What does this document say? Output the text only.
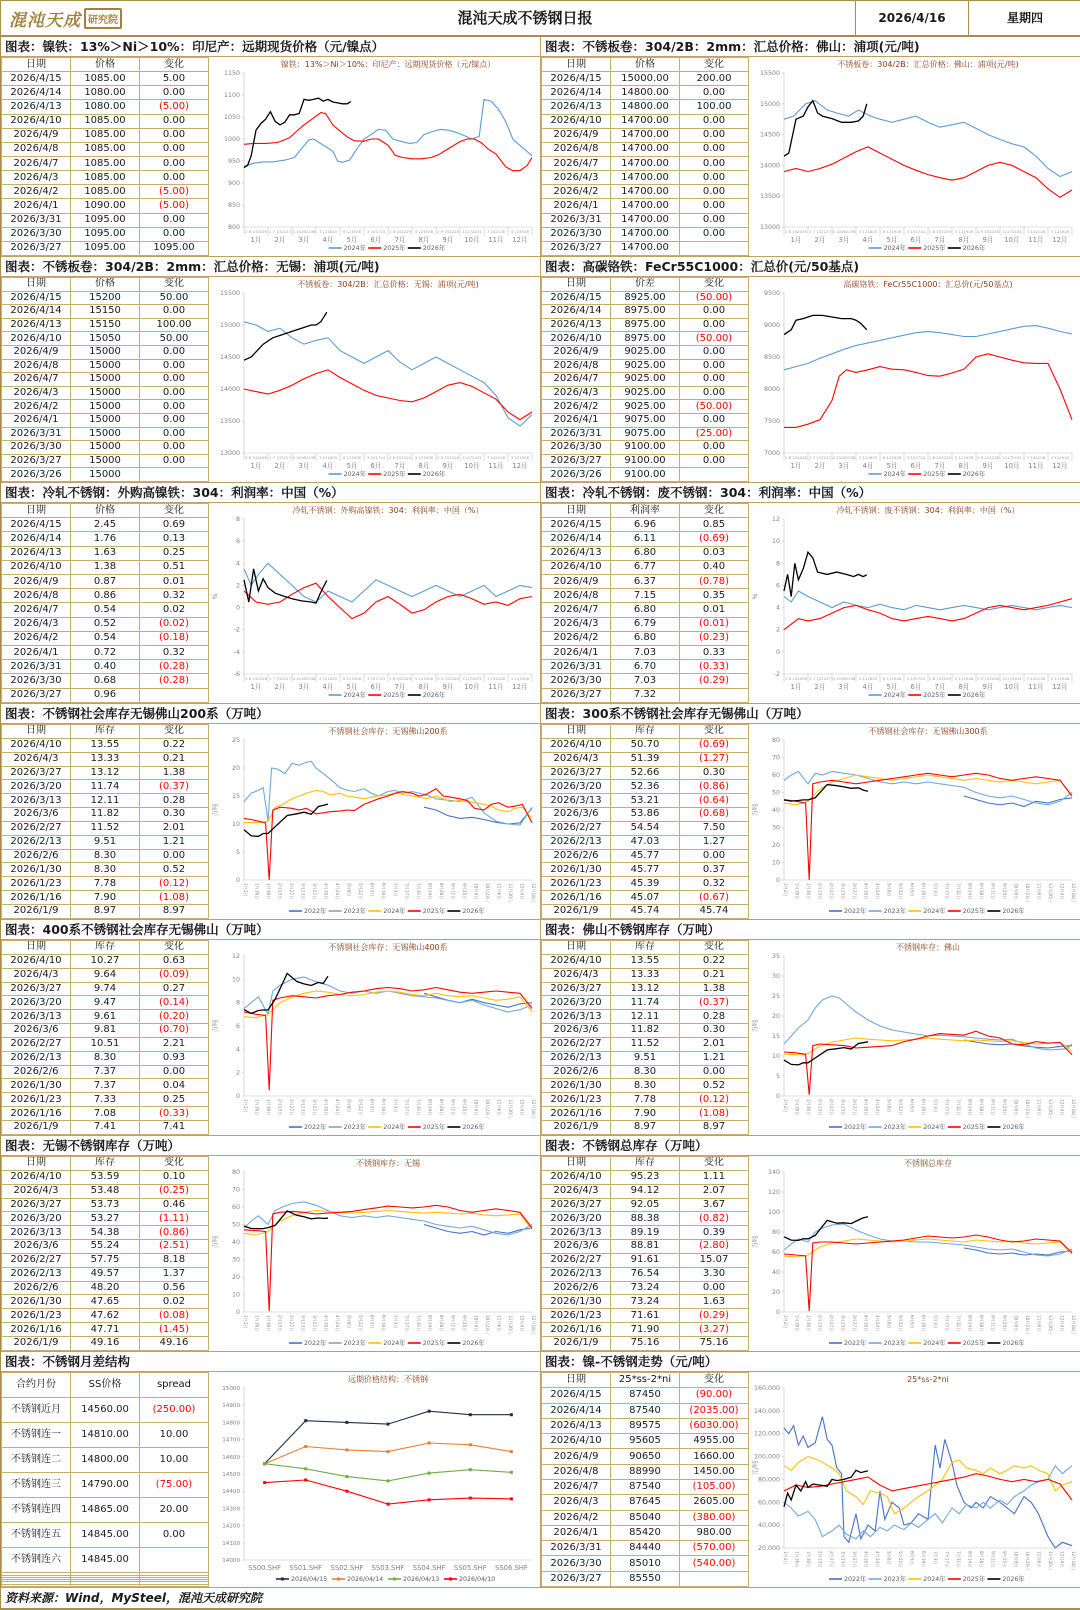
混沌天成 研究院	混沌天成不锈钢日报	2026/4/16	星期四
图表：镍铁：13%＞Ni＞10%：印尼产：远期现货价格（元/镍点）
日期	价格	变化
2026/4/15	1085.00	5.00
2026/4/14	1080.00	0.00
2026/4/13	1080.00	(5.00)
2026/4/10	1085.00	0.00
2026/4/9	1085.00	0.00
2026/4/8	1085.00	0.00
2026/4/7	1085.00	0.00
2026/4/3	1085.00	0.00
2026/4/2	1085.00	(5.00)
2026/4/1	1090.00	(5.00)
2026/3/31	1095.00	0.00
2026/3/30	1095.00	0.00
2026/3/27	1095.00	1095.00
镍铁：13%＞Ni＞10%：印尼产：远期现货价格（元/镍点）
1150
1100
1050
1000
950
900
850
800
2 8 142026
1月
1 7 132127
2月
4 10162238
3月
3 121825
4月
6 121926
5月
3 101724
6月
1 8 152229
7月
5 121926
8月
2 9 152228
9月
11172431
10月
7 142128
11月
5 121926
12月
2024年	2025年	2026年
图表：不锈板卷：304/2B：2mm：汇总价格：佛山：浦项(元/吨)
日期	价格	变化
2026/4/15	15000.00	200.00
2026/4/14	14800.00	0.00
2026/4/13	14800.00	100.00
2026/4/10	14700.00	0.00
2026/4/9	14700.00	0.00
2026/4/8	14700.00	0.00
2026/4/7	14700.00	0.00
2026/4/3	14700.00	0.00
2026/4/2	14700.00	0.00
2026/4/1	14700.00	0.00
2026/3/31	14700.00	0.00
2026/3/30	14700.00	0.00
2026/3/27	14700.00	
不锈板卷：304/2B：汇总价格：佛山：浦项(元/吨)
15500
15000
14500
14000
13500
13000
2 8 142026
1月
1 7 132127
2月
4 10162238
3月
3 121825
4月
6 121926
5月
3 101724
6月
1 8 152229
7月
5 121926
8月
2 9 152228
9月
11172431
10月
7 142128
11月
5 121926
12月
2024年	2025年	2026年
图表：不锈板卷：304/2B：2mm：汇总价格：无锡：浦项(元/吨)
日期	价格	变化
2026/4/15	15200	50.00
2026/4/14	15150	0.00
2026/4/13	15150	100.00
2026/4/10	15050	50.00
2026/4/9	15000	0.00
2026/4/8	15000	0.00
2026/4/7	15000	0.00
2026/4/3	15000	0.00
2026/4/2	15000	0.00
2026/4/1	15000	0.00
2026/3/31	15000	0.00
2026/3/30	15000	0.00
2026/3/27	15000	0.00
2026/3/26	15000	
不锈板卷：304/2B：汇总价格：无锡：浦项(元/吨)
15500
15000
14500
14000
13500
13000
2 8 142026
1月
1 7 132127
2月
4 10162238
3月
3 121825
4月
6 121926
5月
3 101724
6月
1 8 152229
7月
5 121926
8月
2 9 152228
9月
11172431
10月
7 142128
11月
5 121926
12月
2024年	2025年	2026年
图表：高碳铬铁：FeCr55C1000：汇总价(元/50基点)
日期	价差	变化
2026/4/15	8925.00	(50.00)
2026/4/14	8975.00	0.00
2026/4/13	8975.00	0.00
2026/4/10	8975.00	(50.00)
2026/4/9	9025.00	0.00
2026/4/8	9025.00	0.00
2026/4/7	9025.00	0.00
2026/4/3	9025.00	0.00
2026/4/2	9025.00	(50.00)
2026/4/1	9075.00	0.00
2026/3/31	9075.00	(25.00)
2026/3/30	9100.00	0.00
2026/3/27	9100.00	0.00
2026/3/26	9100.00	
高碳铬铁：FeCr55C1000：汇总价(元/50基点)
9500
9000
8500
8000
7500
7000
2 8 142026
1月
1 7 132127
2月
4 10162238
3月
3 121825
4月
6 121926
5月
3 101724
6月
1 8 152229
7月
5 121926
8月
2 9 152228
9月
11172431
10月
7 142128
11月
5 121926
12月
2024年	2025年	2026年
图表：冷轧不锈钢：外购高镍铁：304：利润率：中国（%）
日期	价格	变化
2026/4/15	2.45	0.69
2026/4/14	1.76	0.13
2026/4/13	1.63	0.25
2026/4/10	1.38	0.51
2026/4/9	0.87	0.01
2026/4/8	0.86	0.32
2026/4/7	0.54	0.02
2026/4/3	0.52	(0.02)
2026/4/2	0.54	(0.18)
2026/4/1	0.72	0.32
2026/3/31	0.40	(0.28)
2026/3/30	0.68	(0.28)
2026/3/27	0.96	
冷轧不锈钢：外购高镍铁：304：利润率：中国（%）
8
6
4
2
0
-2
-4
-6
%
2 8 142026
1月
1 7 132127
2月
4 10162238
3月
3 121825
4月
6 121926
5月
3 101724
6月
1 8 152229
7月
5 121926
8月
2 9 152228
9月
11172431
10月
7 142128
11月
5 121926
12月
2024年	2025年	2026年
图表：冷轧不锈钢：废不锈钢：304：利润率：中国（%）
日期	利润率	变化
2026/4/15	6.96	0.85
2026/4/14	6.11	(0.69)
2026/4/13	6.80	0.03
2026/4/10	6.77	0.40
2026/4/9	6.37	(0.78)
2026/4/8	7.15	0.35
2026/4/7	6.80	0.01
2026/4/3	6.79	(0.01)
2026/4/2	6.80	(0.23)
2026/4/1	7.03	0.33
2026/3/31	6.70	(0.33)
2026/3/30	7.03	(0.29)
2026/3/27	7.32	
冷轧不锈钢：废不锈钢：304：利润率：中国（%）
12
10
8
6
4
2
0
-2
%
2 8 142026
1月
1 7 132127
2月
4 10162238
3月
3 121825
4月
6 121926
5月
3 101724
6月
1 8 152229
7月
5 121926
8月
2 9 152228
9月
11172431
10月
7 142128
11月
5 121926
12月
2024年	2025年	2026年
图表：不锈钢社会库存无锡佛山200系（万吨）
日期	库存	变化
2026/4/10	13.55	0.22
2026/4/3	13.33	0.21
2026/3/27	13.12	1.38
2026/3/20	11.74	(0.37)
2026/3/13	12.11	0.28
2026/3/6	11.82	0.30
2026/2/27	11.52	2.01
2026/2/13	9.51	1.21
2026/2/6	8.30	0.00
2026/1/30	8.30	0.52
2026/1/23	7.78	(0.12)
2026/1/16	7.90	(1.08)
2026/1/9	8.97	8.97
不锈钢社会库存：无锡佛山200系
25
20
15
10
5
0
万吨
1月2日 1月16日 1月30日 2月13日 2月27日 3月13日 3月27日 4月10日 4月24日 5月8日 5月22日 6月5日 6月19日 7月3日 7月17日 7月31日 8月14日 8月28日 9月11日 9月25日 10月9日 10月23日 11月6日 11月20日 12月4日 12月18日
2022年	2023年	2024年	2025年	2026年
图表：300系不锈钢社会库存无锡佛山（万吨）
日期	库存	变化
2026/4/10	50.70	(0.69)
2026/4/3	51.39	(1.27)
2026/3/27	52.66	0.30
2026/3/20	52.36	(0.86)
2026/3/13	53.21	(0.64)
2026/3/6	53.86	(0.68)
2026/2/27	54.54	7.50
2026/2/13	47.03	1.27
2026/2/6	45.77	0.00
2026/1/30	45.77	0.37
2026/1/23	45.39	0.32
2026/1/16	45.07	(0.67)
2026/1/9	45.74	45.74
不锈钢社会库存：无锡佛山300系
80
70
60
50
40
30
20
10
0
万吨
1月2日 1月16日 1月30日 2月13日 2月27日 3月13日 3月27日 4月10日 4月24日 5月8日 5月22日 6月5日 6月19日 7月3日 7月17日 7月31日 8月14日 8月28日 9月11日 9月25日 10月9日 10月23日 11月6日 11月20日 12月4日 12月18日
2022年	2023年	2024年	2025年	2026年
图表：400系不锈钢社会库存无锡佛山（万吨）
日期	库存	变化
2026/4/10	10.27	0.63
2026/4/3	9.64	(0.09)
2026/3/27	9.74	0.27
2026/3/20	9.47	(0.14)
2026/3/13	9.61	(0.20)
2026/3/6	9.81	(0.70)
2026/2/27	10.51	2.21
2026/2/13	8.30	0.93
2026/2/6	7.37	0.00
2026/1/30	7.37	0.04
2026/1/23	7.33	0.25
2026/1/16	7.08	(0.33)
2026/1/9	7.41	7.41
不锈钢社会库存：无锡佛山400系
12
10
8
6
4
2
0
万吨
1月2日 1月16日 1月30日 2月13日 2月27日 3月13日 3月27日 4月10日 4月24日 5月8日 5月22日 6月5日 6月19日 7月3日 7月17日 7月31日 8月14日 8月28日 9月11日 9月25日 10月9日 10月23日 11月6日 11月20日 12月4日 12月18日
2022年	2023年	2024年	2025年	2026年
图表：佛山不锈钢库存（万吨）
日期	库存	变化
2026/4/10	13.55	0.22
2026/4/3	13.33	0.21
2026/3/27	13.12	1.38
2026/3/20	11.74	(0.37)
2026/3/13	12.11	0.28
2026/3/6	11.82	0.30
2026/2/27	11.52	2.01
2026/2/13	9.51	1.21
2026/2/6	8.30	0.00
2026/1/30	8.30	0.52
2026/1/23	7.78	(0.12)
2026/1/16	7.90	(1.08)
2026/1/9	8.97	8.97
不锈钢库存：佛山
35
30
25
20
15
10
5
0
万吨
1月2日 1月16日 1月30日 2月13日 2月27日 3月13日 3月27日 4月10日 4月24日 5月8日 5月22日 6月5日 6月19日 7月3日 7月17日 7月31日 8月14日 8月28日 9月11日 9月25日 10月9日 10月23日 11月6日 11月20日 12月4日 12月18日
2022年	2023年	2024年	2025年	2026年
图表：无锡不锈钢库存（万吨）
日期	库存	变化
2026/4/10	53.59	0.10
2026/4/3	53.48	(0.25)
2026/3/27	53.73	0.46
2026/3/20	53.27	(1.11)
2026/3/13	54.38	(0.86)
2026/3/6	55.24	(2.51)
2026/2/27	57.75	8.18
2026/2/13	49.57	1.37
2026/2/6	48.20	0.56
2026/1/30	47.65	0.02
2026/1/23	47.62	(0.08)
2026/1/16	47.71	(1.45)
2026/1/9	49.16	49.16
不锈钢库存：无锡
80
70
60
50
40
30
20
10
0
万吨
1月2日 1月16日 1月30日 2月13日 2月27日 3月13日 3月27日 4月10日 4月24日 5月8日 5月22日 6月5日 6月19日 7月3日 7月17日 7月31日 8月14日 8月28日 9月11日 9月25日 10月9日 10月23日 11月6日 11月20日 12月4日 12月18日
2022年	2023年	2024年	2025年	2026年
图表：不锈钢总库存（万吨）
日期	库存	变化
2026/4/10	95.23	1.11
2026/4/3	94.12	2.07
2026/3/27	92.05	3.67
2026/3/20	88.38	(0.82)
2026/3/13	89.19	0.39
2026/3/6	88.81	(2.80)
2026/2/27	91.61	15.07
2026/2/13	76.54	3.30
2026/2/6	73.24	0.00
2026/1/30	73.24	1.63
2026/1/23	71.61	(0.29)
2026/1/16	71.90	(3.27)
2026/1/9	75.16	75.16
不锈钢总库存
140
120
100
80
60
40
20
0
万吨
1月2日 1月16日 1月30日 2月13日 2月27日 3月13日 3月27日 4月10日 4月24日 5月8日 5月22日 6月5日 6月19日 7月3日 7月17日 7月31日 8月14日 8月28日 9月11日 9月25日 10月9日 10月23日 11月6日 11月20日 12月4日 12月18日
2022年	2023年	2024年	2025年	2026年
图表：不锈钢月差结构
合约月份	SS价格	spread
不锈钢近月	14560.00	(250.00)
不锈钢连一	14810.00	10.00
不锈钢连二	14800.00	10.00
不锈钢连三	14790.00	(75.00)
不锈钢连四	14865.00	20.00
不锈钢连五	14845.00	0.00
不锈钢连六	14845.00	

远期价格结构：不锈钢
15000
14900
14800
14700
14600
14500
14400
14300
14200
14100
14000
SS00.SHF SS01.SHF SS02.SHF SS03.SHF SS04.SHF SS05.SHF SS06.SHF
2026/04/15	2026/04/14	2026/04/13	2026/04/10
图表：镍-不锈钢走势（元/吨）
日期	25*ss-2*ni	变化
2026/4/15	87450	(90.00)
2026/4/14	87540	(2035.00)
2026/4/13	89575	(6030.00)
2026/4/10	95605	4955.00
2026/4/9	90650	1660.00
2026/4/8	88990	1450.00
2026/4/7	87540	(105.00)
2026/4/3	87645	2605.00
2026/4/2	85040	(380.00)
2026/4/1	85420	980.00
2026/3/31	84440	(570.00)
2026/3/30	85010	(540.00)
2026/3/27	85550	
25*ss-2*ni
160,000
140,000
120,000
100,000
80,000
60,000
40,000
20,000
元/吨
1月2日 1月16日 1月30日 2月13日 2月27日 3月13日 3月27日 4月10日 4月24日 5月8日 5月22日 6月5日 6月19日 7月3日 7月17日 7月31日 8月14日 8月28日 9月11日 9月25日 10月9日 10月23日 11月6日 11月20日 12月4日 12月18日
2022年	2023年	2024年	2025年	2026年
资料来源：Wind，MySteel，混沌天成研究院
